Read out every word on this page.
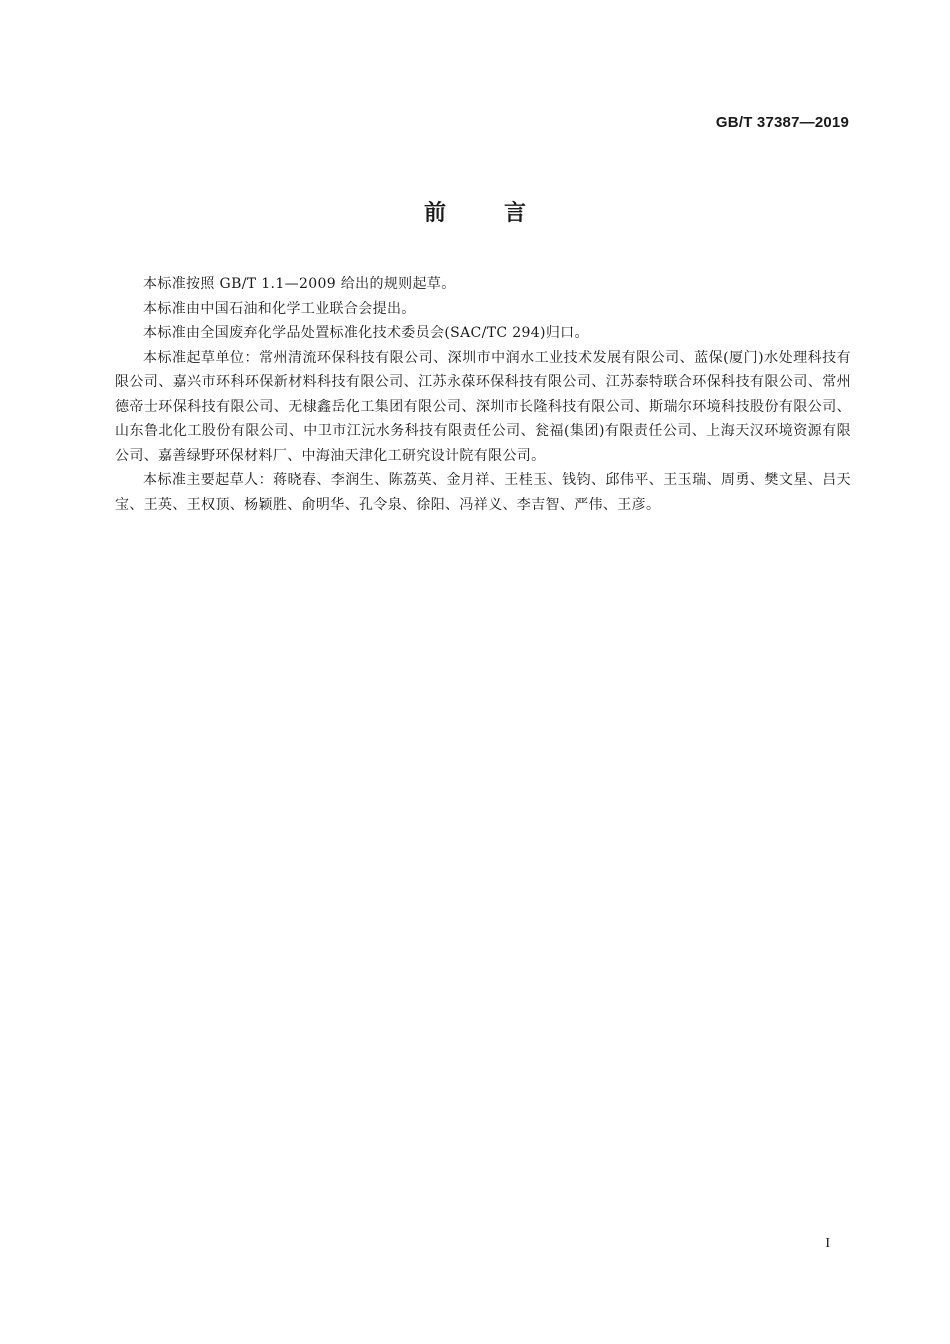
GB/T 37387—2019
前言

本标准按照 GB/T 1.1—2009 给出的规则起草。

本标准由中国石油和化学工业联合会提出。

本标准由全国废弃化学品处置标准化技术委员会(SAC/TC 294)归口。

本标准起草单位：常州清流环保科技有限公司、深圳市中润水工业技术发展有限公司、蓝保(厦门)水处理科技有限公司、嘉兴市环科环保新材料科技有限公司、江苏永葆环保科技有限公司、江苏泰特联合环保科技有限公司、常州德帝士环保科技有限公司、无棣鑫岳化工集团有限公司、深圳市长隆科技有限公司、斯瑞尔环境科技股份有限公司、山东鲁北化工股份有限公司、中卫市江沅水务科技有限责任公司、瓮福(集团)有限责任公司、上海天汉环境资源有限公司、嘉善绿野环保材料厂、中海油天津化工研究设计院有限公司。

本标准主要起草人：蒋晓春、李润生、陈荔英、金月祥、王桂玉、钱钧、邱伟平、王玉瑞、周勇、樊文星、吕天宝、王英、王权顶、杨颖胜、俞明华、孔令泉、徐阳、冯祥义、李吉智、严伟、王彦。

I
